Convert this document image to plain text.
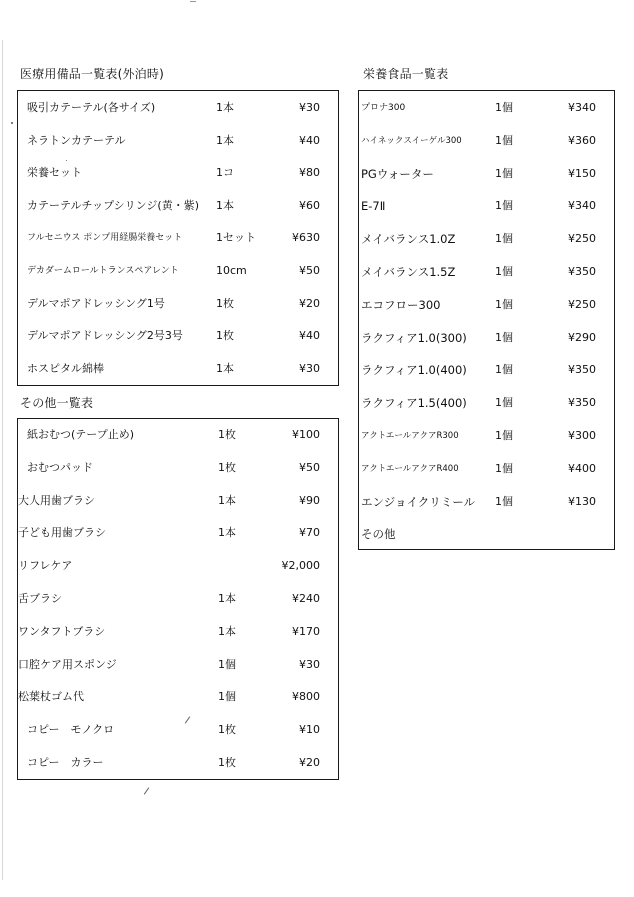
医療用備品一覧表(外泊時)
吸引カテーテル(各サイズ)	1本	¥30
ネラトンカテーテル	1本	¥40
栄養セット	1コ	¥80
カテーテルチップシリンジ(黄・紫) 1本	¥60
フルセニウス ポンプ用経腸栄養セット	1セット	¥630
デカダームロールトランスペアレント	10cm	¥50
デルマポアドレッシング1号	1枚	¥20
デルマポアドレッシング2号3号	1枚	¥40
ホスピタル綿棒	1本	¥30
その他一覧表
紙おむつ(テープ止め)	1枚	¥100
おむつパッド	1枚	¥50
大人用歯ブラシ	1本	¥90
子ども用歯ブラシ	1本	¥70
リフレケア	¥2,000
舌ブラシ	1本	¥240
ワンタフトブラシ	1本	¥170
口腔ケア用スポンジ	1個	¥30
松葉杖ゴム代	1個	¥800
コピー　モノクロ	1枚	¥10
コピー　カラー	1枚	¥20
栄養食品一覧表
プロナ300	1個	¥340
ハイネックスイーゲル300	1個	¥360
PGウォーター	1個	¥150
E-7Ⅱ	1個	¥340
メイバランス1.0Z	1個	¥250
メイバランス1.5Z	1個	¥350
エコフロー300	1個	¥250
ラクフィア1.0(300)	1個	¥290
ラクフィア1.0(400)	1個	¥350
ラクフィア1.5(400)	1個	¥350
アクトエールアクアR300	1個	¥300
アクトエールアクアR400	1個	¥400
エンジョイクリミール 1個	¥130
その他
